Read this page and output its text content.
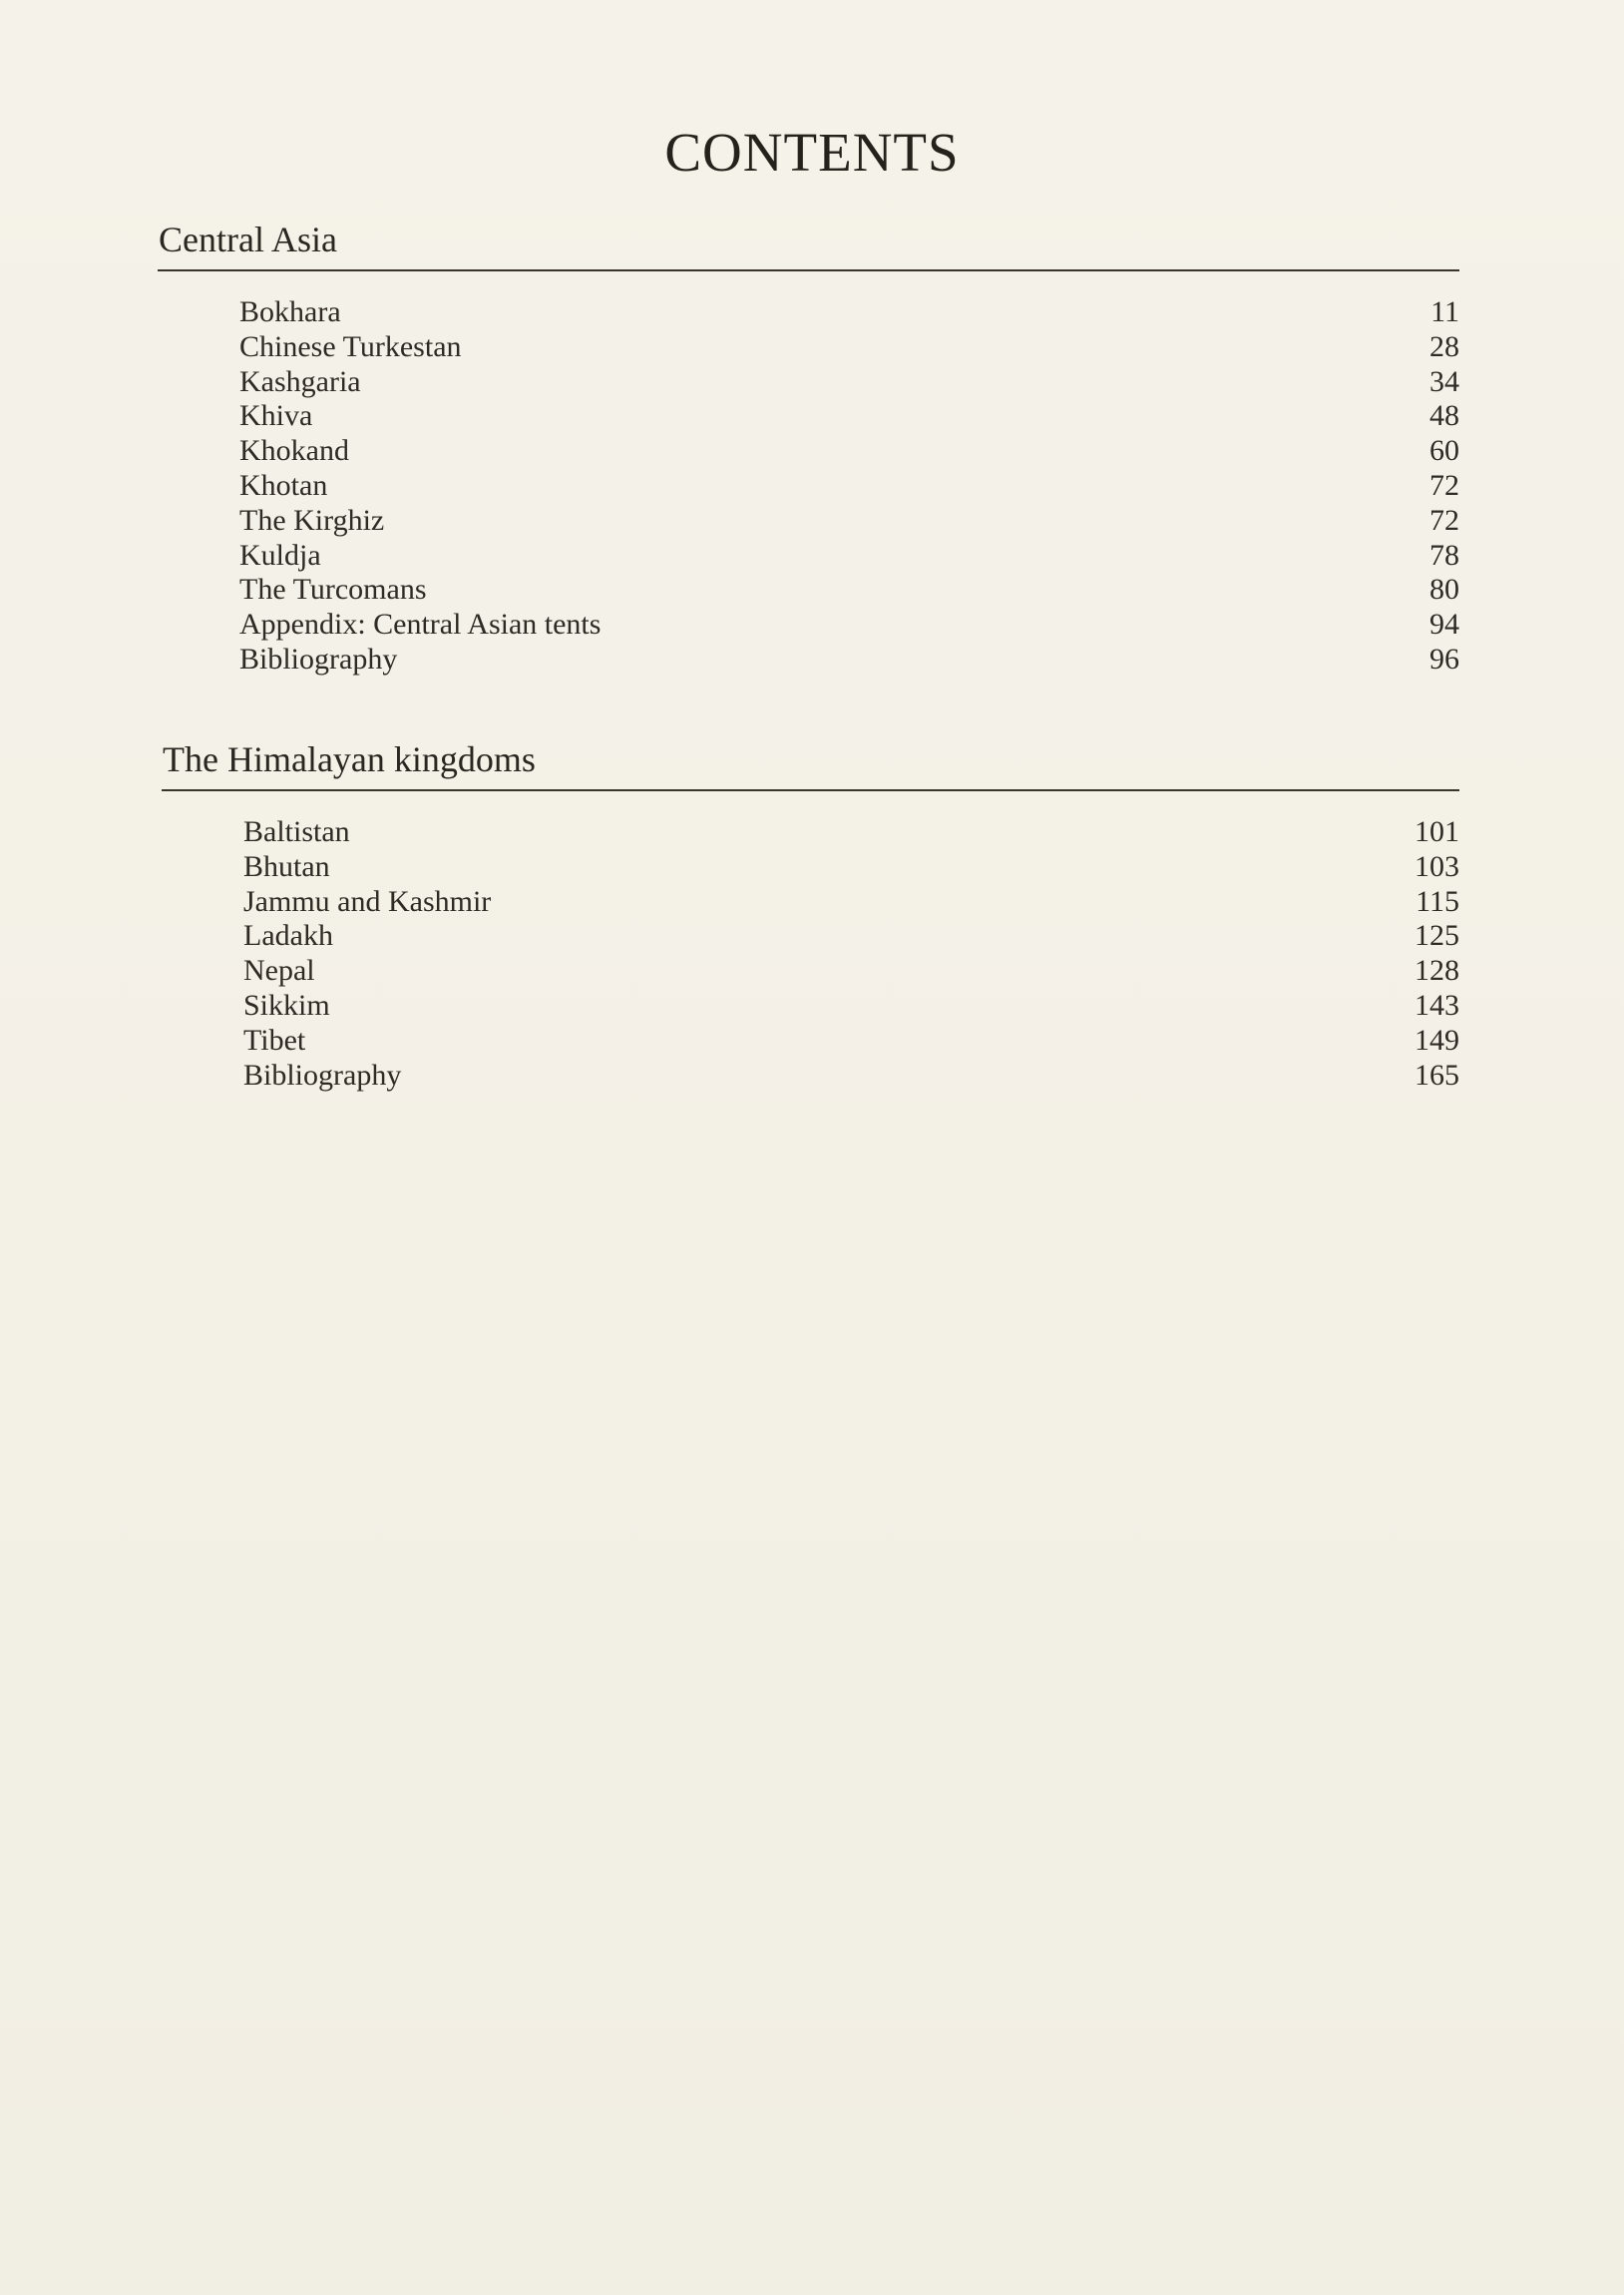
CONTENTS
Central Asia
Bokhara	11
Chinese Turkestan	28
Kashgaria	34
Khiva	48
Khokand	60
Khotan	72
The Kirghiz	72
Kuldja	78
The Turcomans	80
Appendix: Central Asian tents	94
Bibliography	96
The Himalayan kingdoms
Baltistan	101
Bhutan	103
Jammu and Kashmir	115
Ladakh	125
Nepal	128
Sikkim	143
Tibet	149
Bibliography	165
